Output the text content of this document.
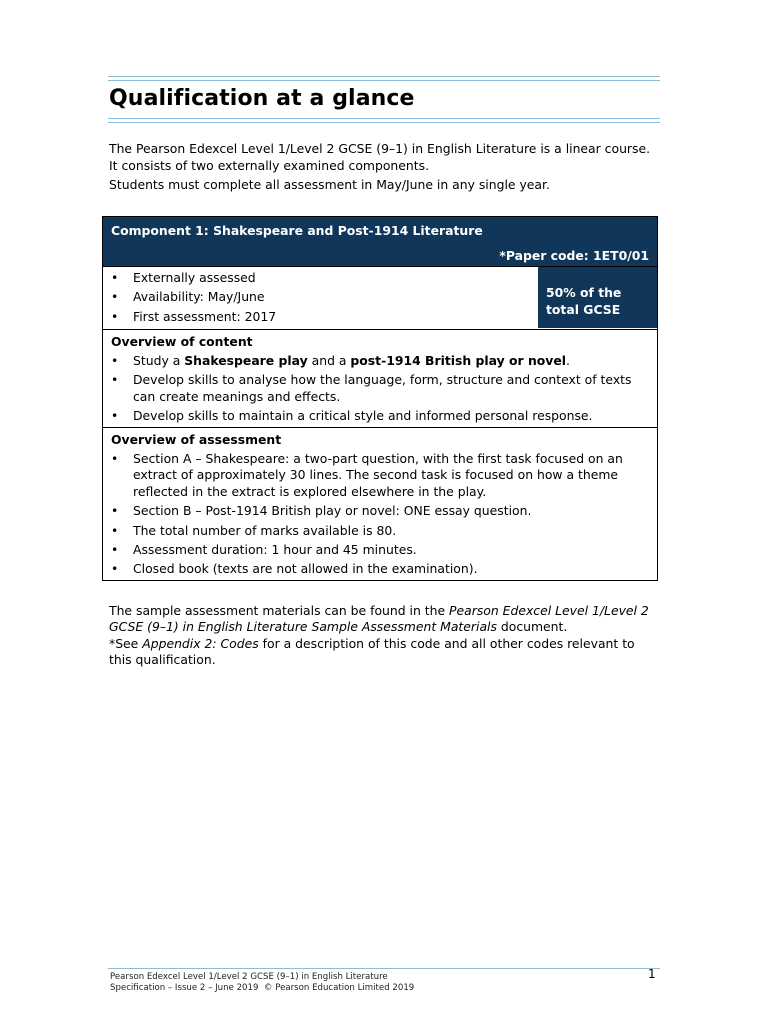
Qualification at a glance

The Pearson Edexcel Level 1/Level 2 GCSE (9–1) in English Literature is a linear course. It consists of two externally examined components.

Students must complete all assessment in May/June in any single year.

Component 1: Shakespeare and Post-1914 Literature
*Paper code: 1ET0/01
• Externally assessed
• Availability: May/June
• First assessment: 2017
50% of the total GCSE
Overview of content
• Study a Shakespeare play and a post-1914 British play or novel.
• Develop skills to analyse how the language, form, structure and context of texts can create meanings and effects.
• Develop skills to maintain a critical style and informed personal response.
Overview of assessment
• Section A – Shakespeare: a two-part question, with the first task focused on an extract of approximately 30 lines. The second task is focused on how a theme reflected in the extract is explored elsewhere in the play.
• Section B – Post-1914 British play or novel: ONE essay question.
• The total number of marks available is 80.
• Assessment duration: 1 hour and 45 minutes.
• Closed book (texts are not allowed in the examination).

The sample assessment materials can be found in the Pearson Edexcel Level 1/Level 2 GCSE (9–1) in English Literature Sample Assessment Materials document.

*See Appendix 2: Codes for a description of this code and all other codes relevant to this qualification.

Pearson Edexcel Level 1/Level 2 GCSE (9–1) in English Literature
Specification – Issue 2 – June 2019  © Pearson Education Limited 2019
1
